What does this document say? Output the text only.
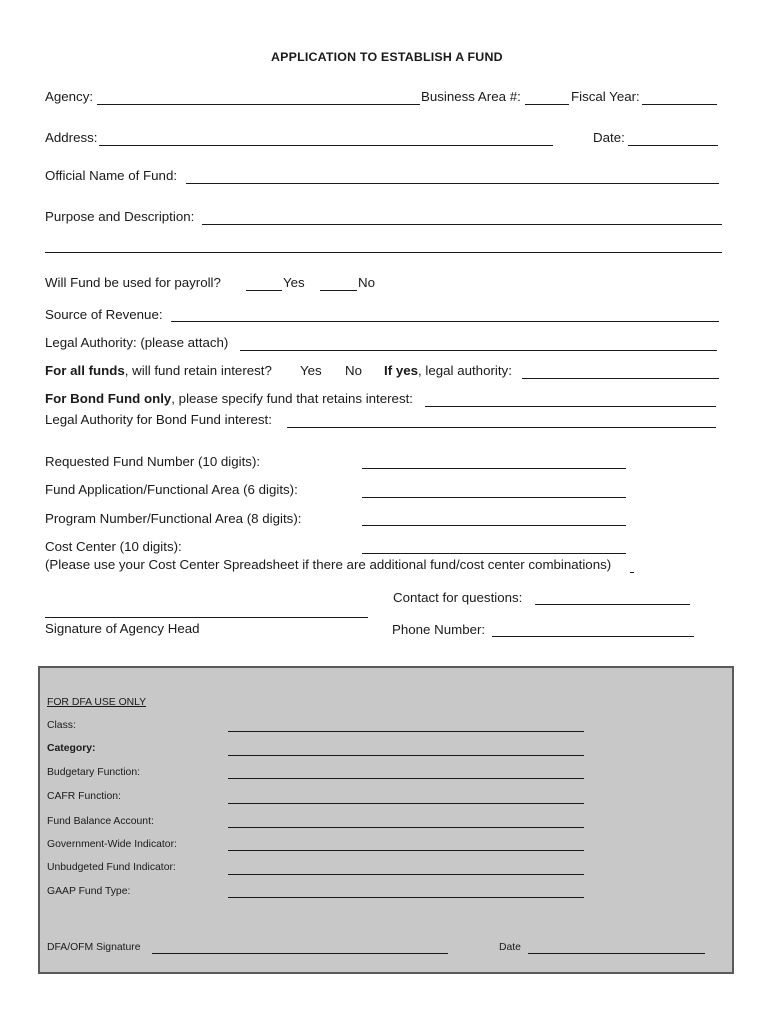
APPLICATION TO ESTABLISH A FUND
Agency:	Business Area #:	Fiscal Year:
Address:	Date:
Official Name of Fund:
Purpose and Description:
Will Fund be used for payroll?	Yes	No
Source of Revenue:
Legal Authority: (please attach)
For all funds, will fund retain interest? Yes No If yes, legal authority:
For Bond Fund only, please specify fund that retains interest:
Legal Authority for Bond Fund interest:
Requested Fund Number (10 digits):
Fund Application/Functional Area (6 digits):
Program Number/Functional Area (8 digits):
Cost Center (10 digits):
(Please use your Cost Center Spreadsheet if there are additional fund/cost center combinations)
Contact for questions:
Signature of Agency Head	Phone Number:
FOR DFA USE ONLY
Class:
Category:
Budgetary Function:
CAFR Function:
Fund Balance Account:
Government-Wide Indicator:
Unbudgeted Fund Indicator:
GAAP Fund Type:
DFA/OFM Signature	Date
